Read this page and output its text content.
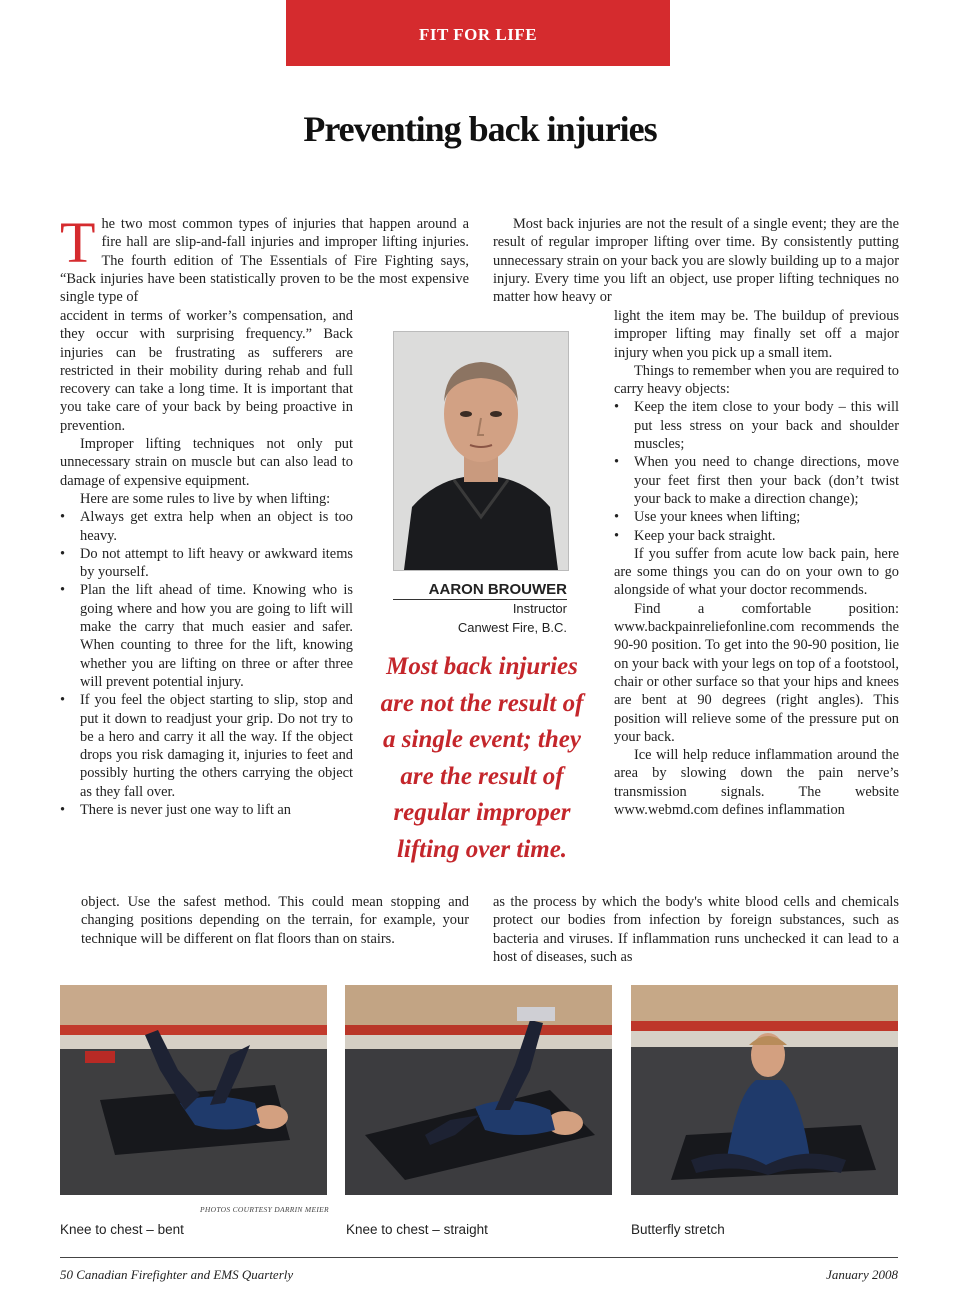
FIT FOR LIFE
Preventing back injuries

The two most common types of injuries that happen around a fire hall are slip-and-fall injuries and improper lifting injuries. The fourth edition of The Essentials of Fire Fighting says, “Back injuries have been statistically proven to be the most expensive single type of

accident in terms of worker’s compensation, and they occur with surprising frequency.” Back injuries can be frustrating as sufferers are restricted in their mobility during rehab and full recovery can take a long time. It is important that you take care of your back by being proactive in prevention.

Improper lifting techniques not only put unnecessary strain on muscle but can also lead to damage of expensive equipment.

Here are some rules to live by when lifting:

• Always get extra help when an object is too heavy.

• Do not attempt to lift heavy or awkward items by yourself.

• Plan the lift ahead of time. Knowing who is going where and how you are going to lift will make the carry that much easier and safer. When counting to three for the lift, knowing whether you are lifting on three or after three will prevent potential injury.

• If you feel the object starting to slip, stop and put it down to readjust your grip. Do not try to be a hero and carry it all the way. If the object drops you risk damaging it, injuries to feet and possibly hurting the others carrying the object as they fall over.

• There is never just one way to lift an

object. Use the safest method. This could mean stopping and changing positions depending on the terrain, for example, your technique will be different on flat floors than on stairs.

Most back injuries are not the result of a single event; they are the result of regular improper lifting over time. By consistently putting unnecessary strain on your back you are slowly building up to a major injury. Every time you lift an object, use proper lifting techniques no matter how heavy or

light the item may be. The buildup of previous improper lifting may finally set off a major injury when you pick up a small item.

Things to remember when you are required to carry heavy objects:

• Keep the item close to your body – this will put less stress on your back and shoulder muscles;

• When you need to change directions, move your feet first then your back (don’t twist your back to make a direction change);

• Use your knees when lifting;

• Keep your back straight.

If you suffer from acute low back pain, here are some things you can do on your own to go alongside of what your doctor recommends.

Find a comfortable position: www.backpainreliefonline.com recommends the 90-90 position. To get into the 90-90 position, lie on your back with your legs on top of a footstool, chair or other surface so that your hips and knees are bent at 90 degrees (right angles). This position will relieve some of the pressure put on your back.

Ice will help reduce inflammation around the area by slowing down the pain nerve’s transmission signals. The website www.webmd.com defines inflammation

as the process by which the body's white blood cells and chemicals protect our bodies from infection by foreign substances, such as bacteria and viruses. If inflammation runs unchecked it can lead to a host of diseases, such as

AARON BROUWER
Instructor
Canwest Fire, B.C.
Most back injuries are not the result of a single event; they are the result of regular improper lifting over time.
PHOTOS COURTESY DARRIN MEIER
Knee to chest – bent	Knee to chest – straight	Butterfly stretch
50 Canadian Firefighter and EMS Quarterly	January 2008
